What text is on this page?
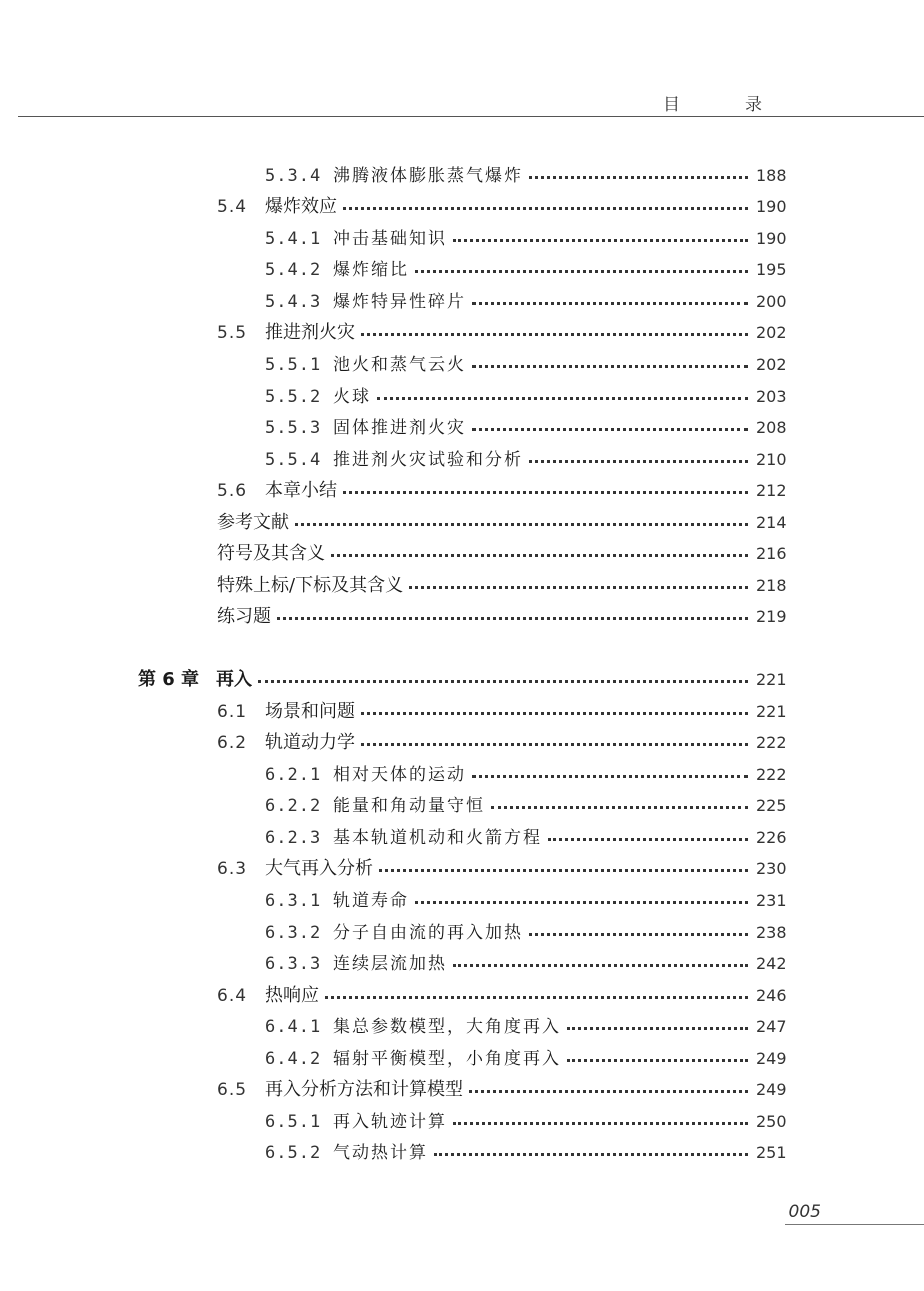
目　录
5.3.4 沸腾液体膨胀蒸气爆炸	188
5.4 爆炸效应	190
5.4.1 冲击基础知识	190
5.4.2 爆炸缩比	195
5.4.3 爆炸特异性碎片	200
5.5 推进剂火灾	202
5.5.1 池火和蒸气云火	202
5.5.2 火球	203
5.5.3 固体推进剂火灾	208
5.5.4 推进剂火灾试验和分析	210
5.6 本章小结	212
参考文献	214
符号及其含义	216
特殊上标/下标及其含义	218
练习题	219
第 6 章 再入	221
6.1 场景和问题	221
6.2 轨道动力学	222
6.2.1 相对天体的运动	222
6.2.2 能量和角动量守恒	225
6.2.3 基本轨道机动和火箭方程	226
6.3 大气再入分析	230
6.3.1 轨道寿命	231
6.3.2 分子自由流的再入加热	238
6.3.3 连续层流加热	242
6.4 热响应	246
6.4.1 集总参数模型，大角度再入	247
6.4.2 辐射平衡模型，小角度再入	249
6.5 再入分析方法和计算模型	249
6.5.1 再入轨迹计算	250
6.5.2 气动热计算	251
005
